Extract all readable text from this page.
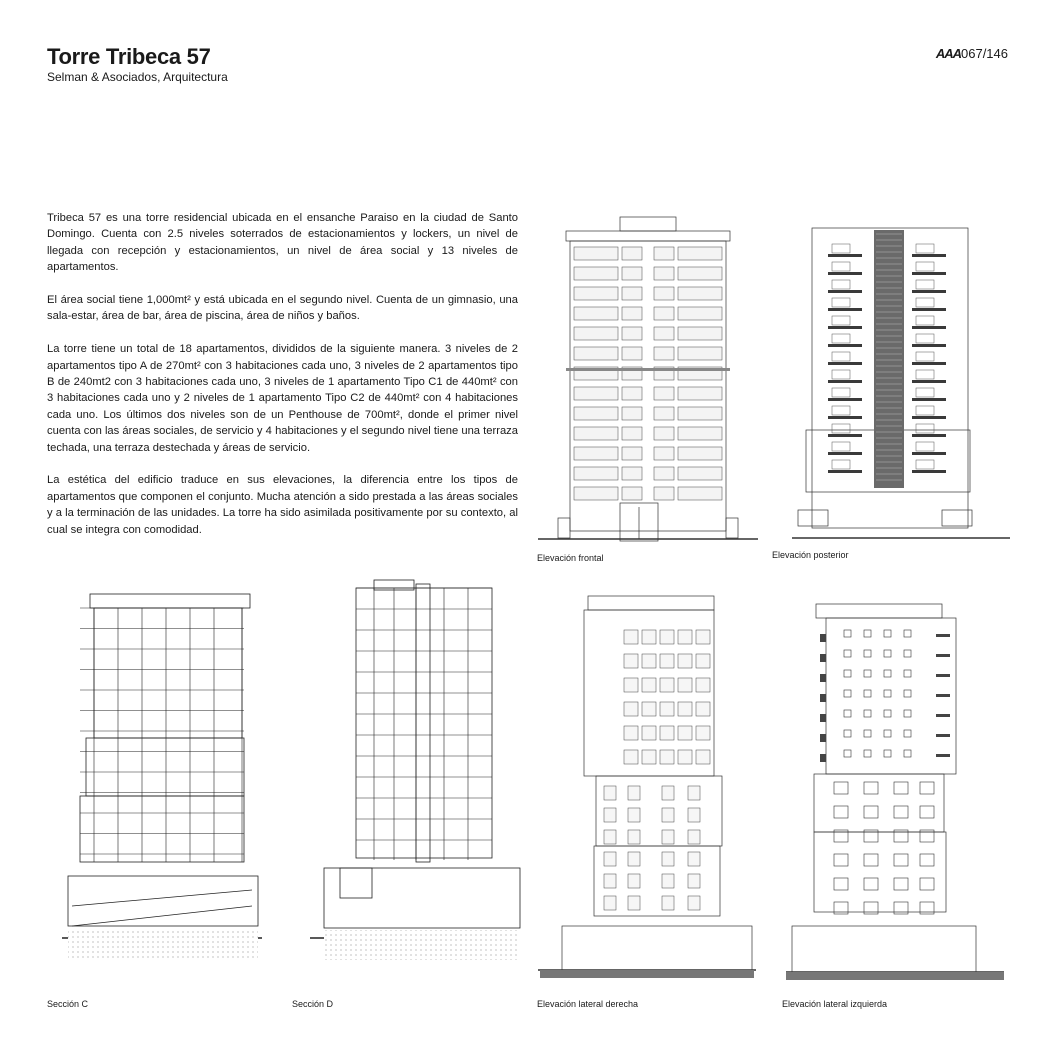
Torre Tribeca 57

Selman & Asociados, Arquitectura

AAA067/146

Tribeca 57 es una torre residencial ubicada en el ensanche Paraiso en la ciudad de Santo Domingo. Cuenta con 2.5 niveles soterrados de estacionamientos y lockers, un nivel de llegada con recepción y estacionamientos, un nivel de área social y 13 niveles de apartamentos.

El área social tiene 1,000mt² y está ubicada en el segundo nivel. Cuenta de un gimnasio, una sala-estar, área de bar, área de piscina, área de niños y baños.

La torre tiene un total de 18 apartamentos, divididos de la siguiente manera. 3 niveles de 2 apartamentos tipo A de 270mt² con 3 habitaciones cada uno, 3 niveles de 2 apartamentos tipo B de 240mt2 con 3 habitaciones cada uno, 3 niveles de 1 apartamento Tipo C1 de 440mt² con 3 habitaciones cada uno y 2 niveles de 1 apartamento Tipo C2 de 440mt² con 4 habitaciones cada uno. Los últimos dos niveles son de un Penthouse de 700mt², donde el primer nivel cuenta con las áreas sociales, de servicio y 4 habitaciones y el segundo nivel tiene una terraza techada, una terraza destechada y áreas de servicio.

La estética del edificio traduce en sus elevaciones, la diferencia entre los tipos de apartamentos que componen el conjunto. Mucha atención a sido prestada a las áreas sociales y a la terminación de las unidades. La torre ha sido asimilada positivamente por su contexto, al cual se integra con comodidad.

Elevación frontal	Elevación posterior
Sección C	Sección D	Elevación lateral derecha	Elevación lateral izquierda
